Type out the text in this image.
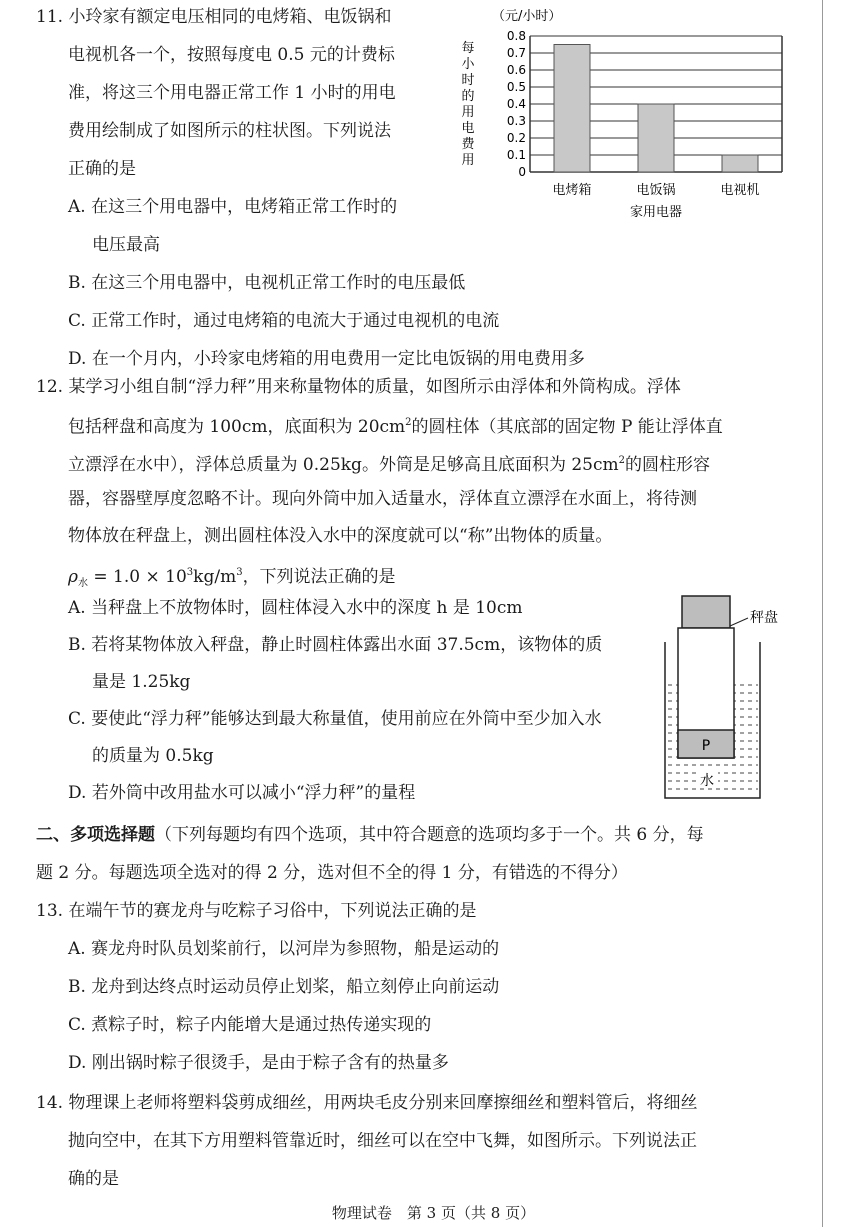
11. 小玲家有额定电压相同的电烤箱、电饭锅和
电视机各一个，按照每度电 0.5 元的计费标
准，将这三个用电器正常工作 1 小时的用电
费用绘制成了如图所示的柱状图。下列说法
正确的是
A. 在这三个用电器中，电烤箱正常工作时的
电压最高
B. 在这三个用电器中，电视机正常工作时的电压最低
C. 正常工作时，通过电烤箱的电流大于通过电视机的电流
D. 在一个月内，小玲家电烤箱的用电费用一定比电饭锅的用电费用多
（元/小时）
每
小
时
的
用
电
费
用
0
0.1
0.2
0.3
0.4
0.5
0.6
0.7
0.8
电烤箱	电饭锅	电视机
家用电器
12. 某学习小组自制“浮力秤”用来称量物体的质量，如图所示由浮体和外筒构成。浮体
包括秤盘和高度为 100cm，底面积为 $20cm^2$的圆柱体（其底部的固定物 P 能让浮体直
立漂浮在水中），浮体总质量为 0.25kg。外筒是足够高且底面积为 $25cm^2$的圆柱形容
器，容器壁厚度忽略不计。现向外筒中加入适量水，浮体直立漂浮在水面上，将待测
物体放在秤盘上，测出圆柱体没入水中的深度就可以“称”出物体的质量。
$\rho_水 = 1.0 \times 10^3kg/m^3$，下列说法正确的是
A. 当秤盘上不放物体时，圆柱体浸入水中的深度 h 是 10cm
B. 若将某物体放入秤盘，静止时圆柱体露出水面 37.5cm，该物体的质
量是 1.25kg
C. 要使此“浮力秤”能够达到最大称量值，使用前应在外筒中至少加入水
的质量为 0.5kg
D. 若外筒中改用盐水可以减小“浮力秤”的量程
秤盘
P
水
二、多项选择题（下列每题均有四个选项，其中符合题意的选项均多于一个。共 6 分，每
题 2 分。每题选项全选对的得 2 分，选对但不全的得 1 分，有错选的不得分）
13. 在端午节的赛龙舟与吃粽子习俗中，下列说法正确的是
A. 赛龙舟时队员划桨前行，以河岸为参照物，船是运动的
B. 龙舟到达终点时运动员停止划桨，船立刻停止向前运动
C. 煮粽子时，粽子内能增大是通过热传递实现的
D. 刚出锅时粽子很烫手，是由于粽子含有的热量多
14. 物理课上老师将塑料袋剪成细丝，用两块毛皮分别来回摩擦细丝和塑料管后，将细丝
抛向空中，在其下方用塑料管靠近时，细丝可以在空中飞舞，如图所示。下列说法正
确的是
物理试卷　第 3 页（共 8 页）
